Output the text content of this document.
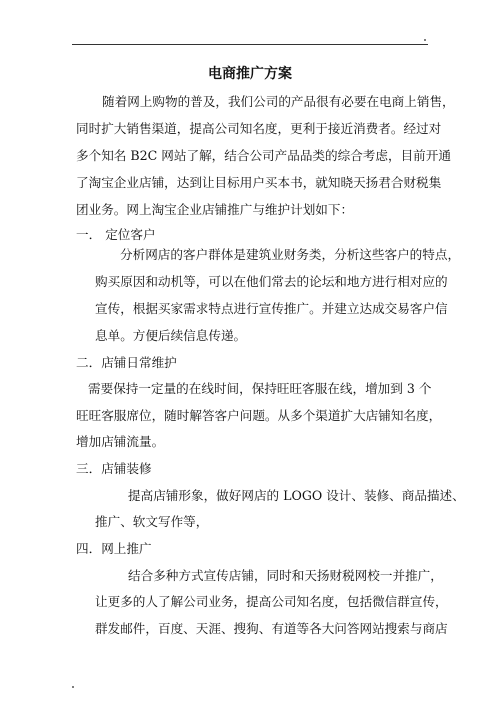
电商推广方案
随着网上购物的普及，我们公司的产品很有必要在电商上销售，
同时扩大销售渠道，提高公司知名度，更利于接近消费者。经过对
多个知名 B2C 网站了解，结合公司产品品类的综合考虑，目前开通
了淘宝企业店铺，达到让目标用户买本书，就知晓天扬君合财税集
团业务。网上淘宝企业店铺推广与维护计划如下：
一． 定位客户
分析网店的客户群体是建筑业财务类，分析这些客户的特点，
购买原因和动机等，可以在他们常去的论坛和地方进行相对应的
宣传，根据买家需求特点进行宣传推广。并建立达成交易客户信
息单。方便后续信息传递。
二．店铺日常维护
需要保持一定量的在线时间，保持旺旺客服在线，增加到 3 个
旺旺客服席位，随时解答客户问题。从多个渠道扩大店铺知名度，
增加店铺流量。
三．店铺装修
提高店铺形象，做好网店的 LOGO 设计、装修、商品描述、
推广、软文写作等，
四．网上推广
结合多种方式宣传店铺，同时和天扬财税网校一并推广，
让更多的人了解公司业务，提高公司知名度，包括微信群宣传，
群发邮件，百度、天涯、搜狗、有道等各大问答网站搜索与商店
